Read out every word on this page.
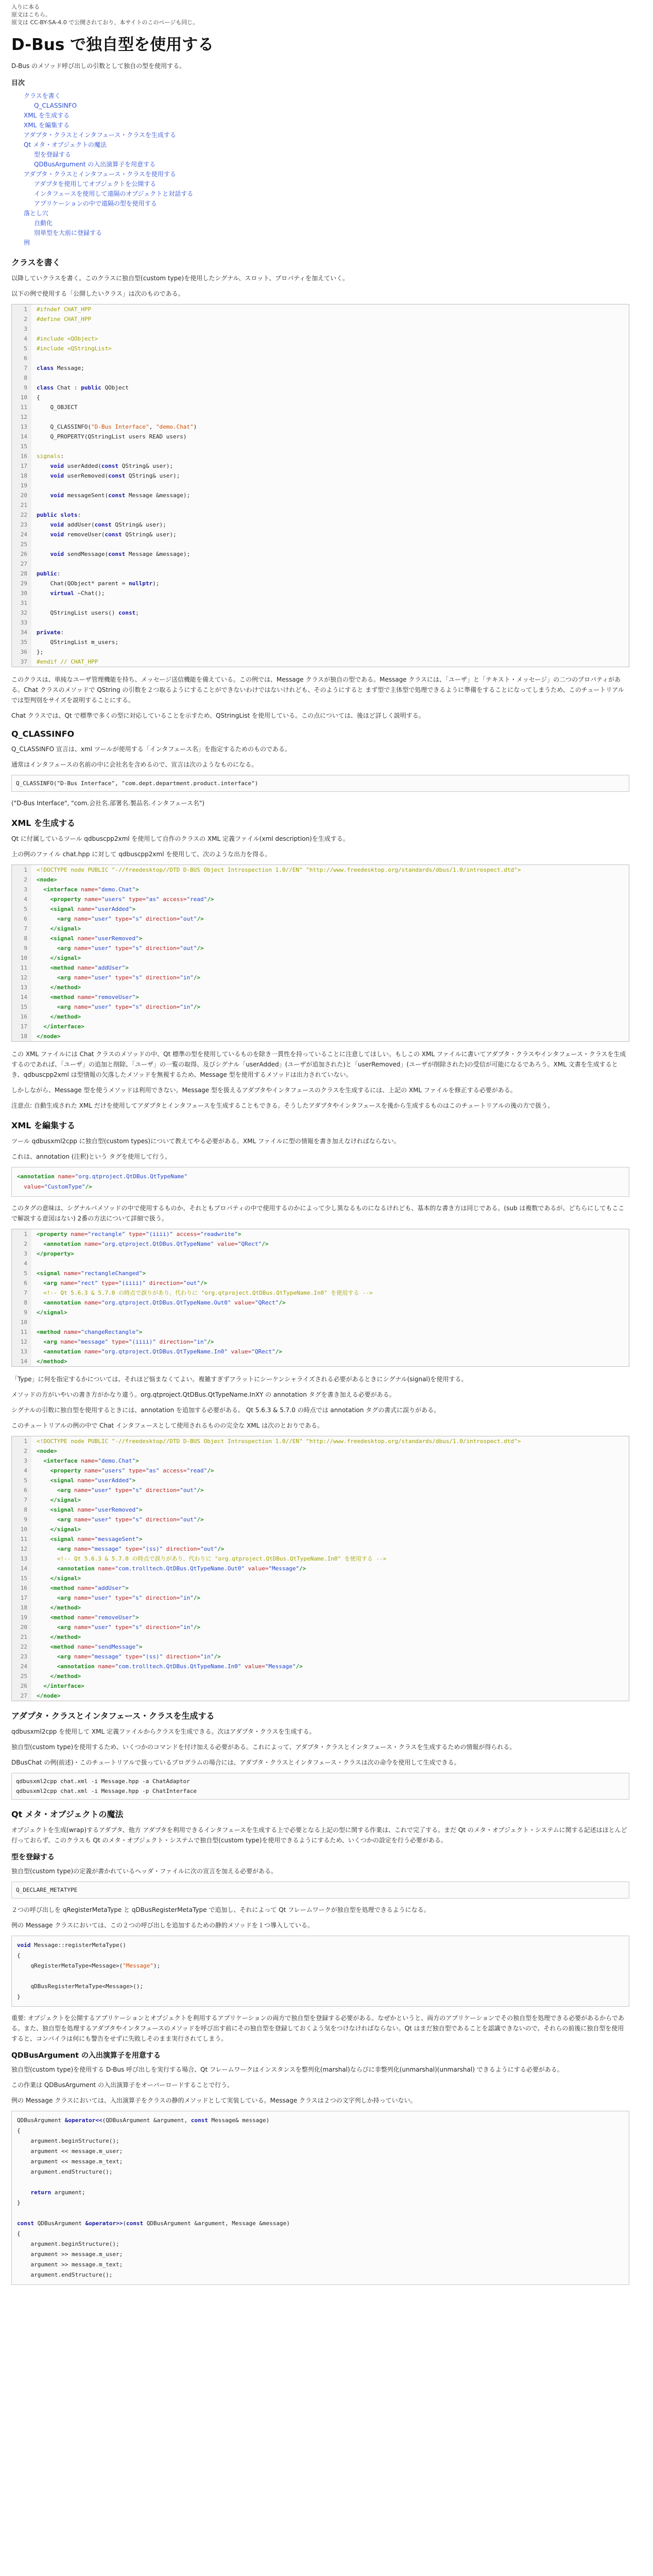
入りに本る
原文はこちら。
原文は CC-BY-SA-4.0 で公開されており、本サイトのこのページも同じ。
D-Bus で独自型を使用する

D-Bus のメソッド呼び出しの引数として独自の型を使用する。

目次
クラスを書く
Q_CLASSINFO
XML を生成する
XML を編集する
アダプタ・クラスとインタフェース・クラスを生成する
Qt メタ・オブジェクトの魔法
型を登録する
QDBusArgument の入出演算子を用意する
アダプタ・クラスとインタフェース・クラスを使用する
アダプタを使用してオブジェクトを公開する
インタフェースを使用して遠隔のオブジェクトと対話する
アプリケーションの中で遠隔の型を使用する
落とし穴
自動化
別単型を大前に登録する
例
クラスを書く

以降していクラスを書く。このクラスに独自型(custom type)を使用したシグナル、スロット、プロパティを加えていく。

以下の例で使用する「公開したいクラス」は次のものである。

1	#ifndef CHAT_HPP
2	#define CHAT_HPP
3	
4	#include <QObject>
5	#include <QStringList>
6	
7	class Message;
8	
9	class Chat : public QObject
10	{
11	Q_OBJECT
12	
13	Q_CLASSINFO("D-Bus Interface", "demo.Chat")
14	Q_PROPERTY(QStringList users READ users)
15	
16	signals:
17	void userAdded(const QString& user);
18	void userRemoved(const QString& user);
19	
20	void messageSent(const Message &message);
21	
22	public slots:
23	void addUser(const QString& user);
24	void removeUser(const QString& user);
25	
26	void sendMessage(const Message &message);
27	
28	public:
29	Chat(QObject* parent = nullptr);
30	virtual ~Chat();
31	
32	QStringList users() const;
33	
34	private:
35	QStringList m_users;
36	};
37	#endif // CHAT_HPP

このクラスは、単純なユーザ管理機能を持ち、メッセージ送信機能を備えている。この例では、Message クラスが独自の型である。Message クラスには、「ユーザ」と「テキスト・メッセージ」の二つのプロパティがある。Chat クラスのメソッドで QString の引数を２つ取るようにすることができないわけではないけれども、そのようにすると まず型で主体型で処理できるように準備をすることになってしまうため、このチュートリアルでは型判別をサイズを説明することにする。

Chat クラスでは、Qt で標準で多くの型に対応していることを示すため、QStringList を使用している。この点については、後ほど詳しく説明する。

Q_CLASSINFO

Q_CLASSINFO 宣言は、xml ツールが使用する「インタフェース名」を指定するためのものである。

通常はインタフェースの名前の中に会社名を含めるので、宣言は次のようなものになる。

Q_CLASSINFO("D-Bus Interface", "com.dept.department.product.interface")

("D-Bus Interface", "com.会社名.部署名.製品名.インタフェース名")

XML を生成する

Qt に付属しているツール qdbuscpp2xml を使用して自作のクラスの XML 定義ファイル(xml description)を生成する。

上の例のファイル chat.hpp に対して qdbuscpp2xml を使用して、次のような出力を得る。

1	<!DOCTYPE node PUBLIC "-//freedesktop//DTD D-BUS Object Introspection 1.0//EN" "http://www.freedesktop.org/standards/dbus/1.0/introspect.dtd">
2	<node>
3	<interface name="demo.Chat">
4	<property name="users" type="as" access="read"/>
5	<signal name="userAdded">
6	<arg name="user" type="s" direction="out"/>
7	</signal>
8	<signal name="userRemoved">
9	<arg name="user" type="s" direction="out"/>
10	</signal>
11	<method name="addUser">
12	<arg name="user" type="s" direction="in"/>
13	</method>
14	<method name="removeUser">
15	<arg name="user" type="s" direction="in"/>
16	</method>
17	</interface>
18	</node>

この XML ファイルには Chat クラスのメソッドの中、Qt 標準の型を使用しているものを除き一貫性を持っていることに注意してほしい。もしこの XML ファイルに書いてアダプタ・クラスやインタフェース・クラスを生成するのであれば、「ユーザ」の追加と削除、「ユーザ」の一覧の取得、及びシグナル「userAdded」(ユーザが追加された)と「userRemoved」(ユーザが削除された)の受信が可能になるであろう。XML 文書を生成するとき、qdbuscpp2xml は型情報の欠落したメソッドを無視するため、Message 型を使用するメソッドは出力されていない。

しかしながら、Message 型を使うメソッドは利用できない。Message 型を扱えるアダプタやインタフェースのクラスを生成するには、上記の XML ファイルを修正する必要がある。

注意点: 自動生成された XML だけを使用してアダプタとインタフェースを生成することもできる。そうしたアダプタやインタフェースを後から生成するものはこのチュートリアルの後の方で扱う。

XML を編集する

ツール qdbusxml2cpp に独自型(custom types)について教えてやる必要がある。XML ファイルに型の情報を書き加えなければならない。

これは、annotation (注釈)という タグを使用して行う。

<annotation name="org.qtproject.QtDBus.QtTypeName"
value="CustomType"/>

このタグの意味は、シグナルパメソッドの中で使用するものか、それともプロパティの中で使用するのかによって少し異なるものになるけれども、基本的な書き方は同じである。(sub は複数であるが、どちらにしてもここで解説する意図はない) 2番の方法について詳細で扱う。

1	<property name="rectangle" type="(iiii)" access="readwrite">
2	<annotation name="org.qtproject.QtDBus.QtTypeName" value="QRect"/>
3	</property>
4	
5	<signal name="rectangleChanged">
6	<arg name="rect" type="(iiii)" direction="out"/>
7	<!-- Qt 5.6.3 & 5.7.0 の時点で誤りがあり、代わりに "org.qtproject.QtDBus.QtTypeName.In0" を使用する -->
8	<annotation name="org.qtproject.QtDBus.QtTypeName.Out0" value="QRect"/>
9	</signal>
10	
11	<method name="changeRectangle">
12	<arg name="message" type="(iiii)" direction="in"/>
13	<annotation name="org.qtproject.QtDBus.QtTypeName.In0" value="QRect"/>
14	</method>

「Type」に何を指定するかについては、それほど悩まなくてよい。複雑すぎずフラットにシーケンシャライズされる必要があるときにシグナル(signal)を使用する。

メソッドの方がいやいの書き方がかなり違う。org.qtproject.QtDBus.QtTypeName.InXY の annotation タグを書き加える必要がある。

シグナルの引数に独自型を使用するときには、annotation を追加する必要がある。 Qt 5.6.3 & 5.7.0 の時点では annotation タグの書式に誤りがある。

このチュートリアルの例の中で Chat インタフェースとして使用されるものの完全な XML は次のとおりである。

1	<!DOCTYPE node PUBLIC "-//freedesktop//DTD D-BUS Object Introspection 1.0//EN" "http://www.freedesktop.org/standards/dbus/1.0/introspect.dtd">
2	<node>
3	<interface name="demo.Chat">
4	<property name="users" type="as" access="read"/>
5	<signal name="userAdded">
6	<arg name="user" type="s" direction="out"/>
7	</signal>
8	<signal name="userRemoved">
9	<arg name="user" type="s" direction="out"/>
10	</signal>
11	<signal name="messageSent">
12	<arg name="message" type="(ss)" direction="out"/>
13	<!-- Qt 5.6.3 & 5.7.0 の時点で誤りがあり、代わりに "org.qtproject.QtDBus.QtTypeName.In0" を使用する -->
14	<annotation name="com.trolltech.QtDBus.QtTypeName.Out0" value="Message"/>
15	</signal>
16	<method name="addUser">
17	<arg name="user" type="s" direction="in"/>
18	</method>
19	<method name="removeUser">
20	<arg name="user" type="s" direction="in"/>
21	</method>
22	<method name="sendMessage">
23	<arg name="message" type="(ss)" direction="in"/>
24	<annotation name="com.trolltech.QtDBus.QtTypeName.In0" value="Message"/>
25	</method>
26	</interface>
27	</node>
アダプタ・クラスとインタフェース・クラスを生成する

qdbusxml2cpp を使用して XML 定義ファイルからクラスを生成できる。次はアダプタ・クラスを生成する。

独自型(custom type)を使用するため、いくつかのコマンドを付け加える必要がある。これによって、アダプタ・クラスとインタフェース・クラスを生成するための情報が得られる。

DBusChat の例(前述)・このチュートリアルで扱っているプログラムの場合には、アダプタ・クラスとインタフェース・クラスは次の命令を使用して生成できる。

qdbusxml2cpp chat.xml -i Message.hpp -a ChatAdaptor
qdbusxml2cpp chat.xml -i Message.hpp -p ChatInterface
Qt メタ・オブジェクトの魔法

オブジェクトを生成(wrap)するアダプタ、他方 アダプタを利用できるインタフェースを生成する上で必要となる上記の型に関する作業は、これで完了する。まだ Qt のメタ・オブジェクト・システムに関する記述はほとんど行っておらず、このクラスも Qt のメタ・オブジェクト・システムで独自型(custom type)を使用できるようにするため、いくつかの設定を行う必要がある。

型を登録する

独自型(custom type)の定義が書かれているヘッダ・ファイルに次の宣言を加える必要がある。

Q_DECLARE_METATYPE

２つの呼び出しを qRegisterMetaType と qDBusRegisterMetaType で追加し、それによって Qt フレームワークが独自型を処理できるようになる。

例の Message クラスにおいては、この２つの呼び出しを追加するための静的メソッドを１つ導入している。

void Message::registerMetaType()
{
qRegisterMetaType<Message>("Message");

qDBusRegisterMetaType<Message>();
}

重要: オブジェクトを公開するアプリケーションとオブジェクトを利用するアプリケーションの両方で独自型を登録する必要がある。なぜかというと、両方のアプリケーションでその独自型を処理できる必要があるからである。また、独自型を処理するアダプタやインタフェースのメソッドを呼び出す前にその独自型を登録しておくよう気をつけなければならない。Qt はまだ独自型であることを認識できないので、それらの前後に独自型を使用すると、コンパイラは何にも警告をせずに失敗しそのまま実行されてしまう。

QDBusArgument の入出演算子を用意する

独自型(custom type)を使用する D-Bus 呼び出しを実行する場合、Qt フレームワークはインスタンスを整列化(marshal)ならびに非整列化(unmarshal)(unmarshal) できるようにする必要がある。

この作業は QDBusArgument の入出演算子をオーバーロードすることで行う。

例の Message クラスにおいては、入出演算子をクラスの静的メソッドとして実装している。Message クラスは２つの文字列しか持っていない。

QDBusArgument &operator<<(QDBusArgument &argument, const Message& message)
{
argument.beginStructure();
argument << message.m_user;
argument << message.m_text;
argument.endStructure();

return argument;
}

const QDBusArgument &operator>>(const QDBusArgument &argument, Message &message)
{
argument.beginStructure();
argument >> message.m_user;
argument >> message.m_text;
argument.endStructure();
